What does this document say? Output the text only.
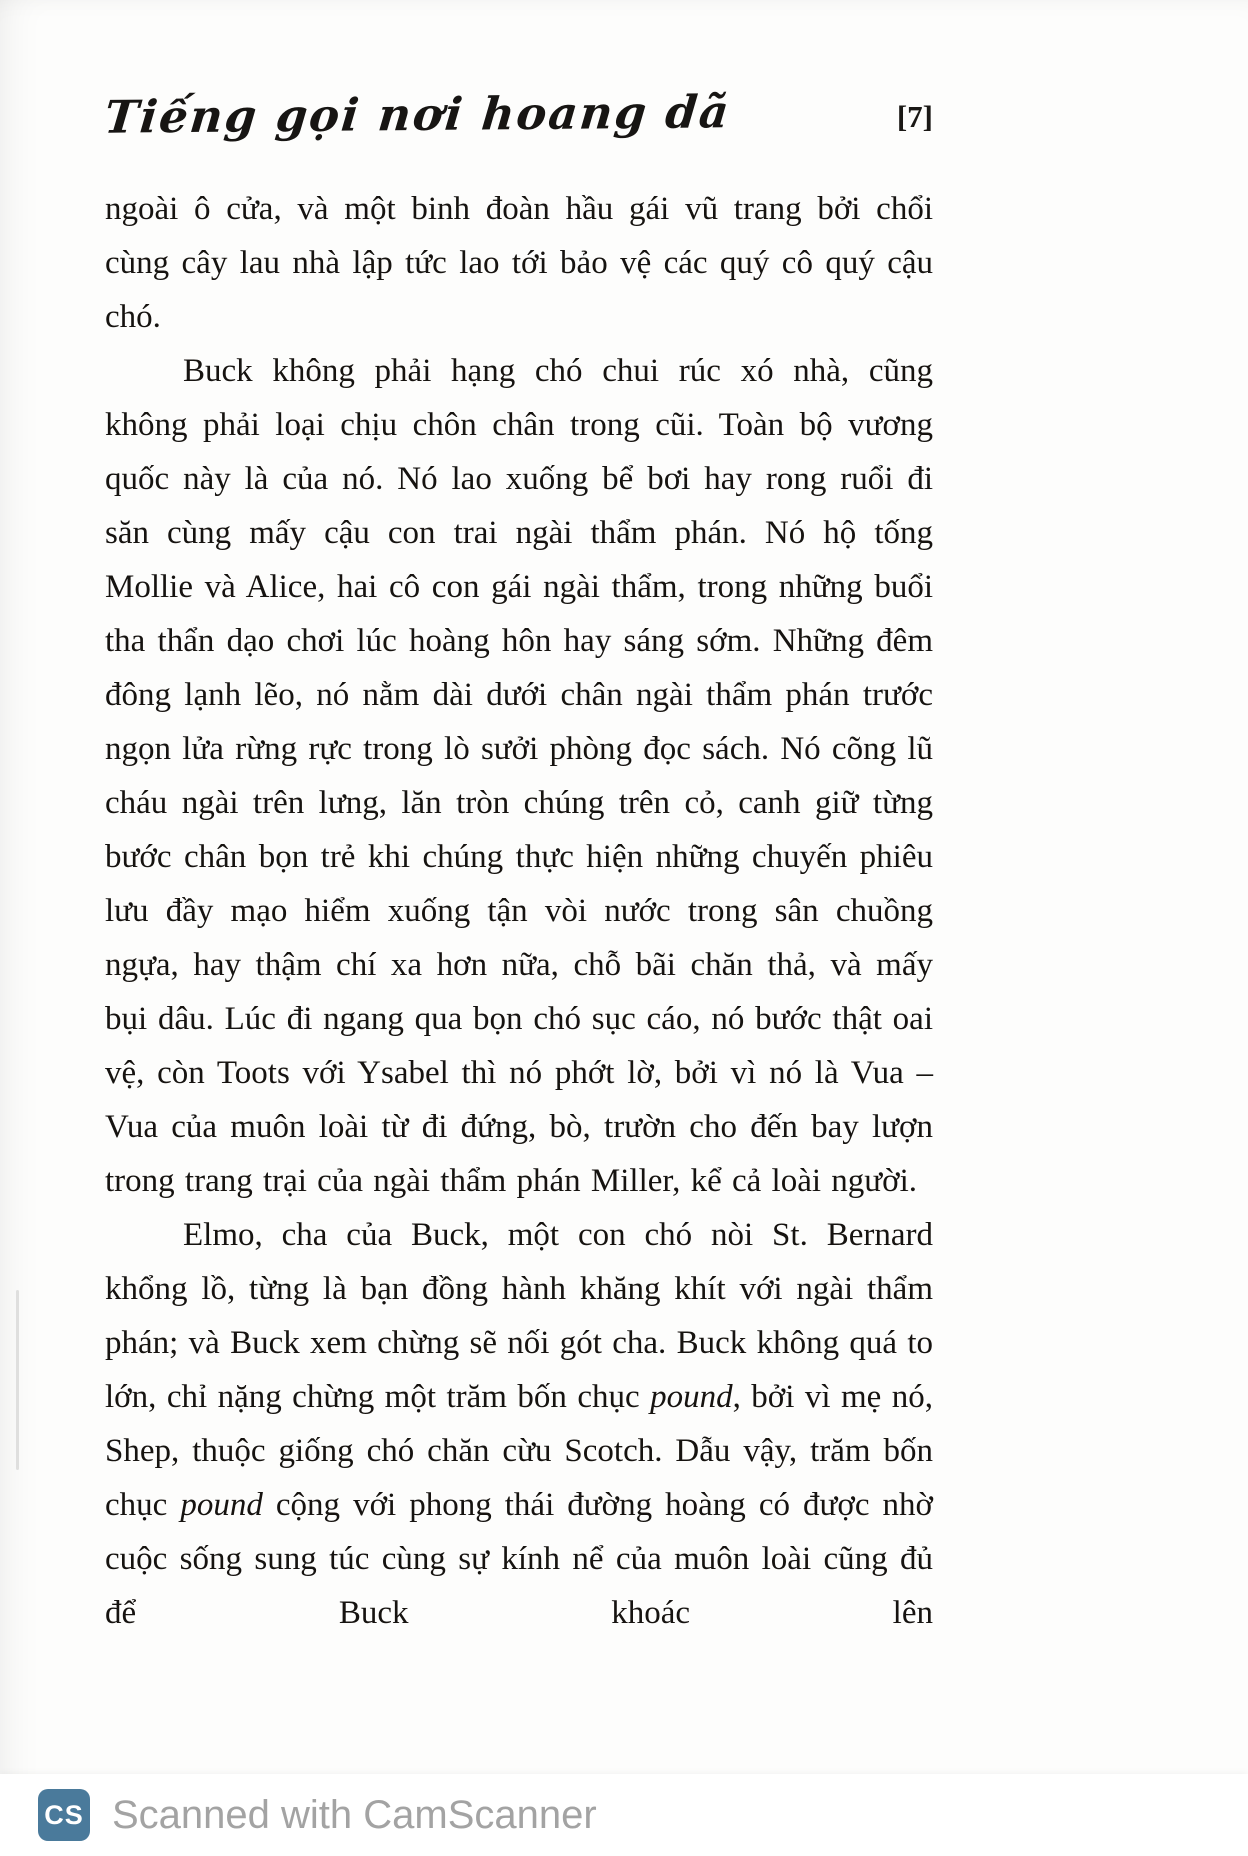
Tiếng gọi nơi hoang dã	[7]

ngoài ô cửa, và một binh đoàn hầu gái vũ trang bởi chổi cùng cây lau nhà lập tức lao tới bảo vệ các quý cô quý cậu chó.

Buck không phải hạng chó chui rúc xó nhà, cũng không phải loại chịu chôn chân trong cũi. Toàn bộ vương quốc này là của nó. Nó lao xuống bể bơi hay rong ruổi đi săn cùng mấy cậu con trai ngài thẩm phán. Nó hộ tống Mollie và Alice, hai cô con gái ngài thẩm, trong những buổi tha thẩn dạo chơi lúc hoàng hôn hay sáng sớm. Những đêm đông lạnh lẽo, nó nằm dài dưới chân ngài thẩm phán trước ngọn lửa rừng rực trong lò sưởi phòng đọc sách. Nó cõng lũ cháu ngài trên lưng, lăn tròn chúng trên cỏ, canh giữ từng bước chân bọn trẻ khi chúng thực hiện những chuyến phiêu lưu đầy mạo hiểm xuống tận vòi nước trong sân chuồng ngựa, hay thậm chí xa hơn nữa, chỗ bãi chăn thả, và mấy bụi dâu. Lúc đi ngang qua bọn chó sục cáo, nó bước thật oai vệ, còn Toots với Ysabel thì nó phớt lờ, bởi vì nó là Vua – Vua của muôn loài từ đi đứng, bò, trườn cho đến bay lượn trong trang trại của ngài thẩm phán Miller, kể cả loài người.

Elmo, cha của Buck, một con chó nòi St. Bernard khổng lồ, từng là bạn đồng hành khăng khít với ngài thẩm phán; và Buck xem chừng sẽ nối gót cha. Buck không quá to lớn, chỉ nặng chừng một trăm bốn chục pound, bởi vì mẹ nó, Shep, thuộc giống chó chăn cừu Scotch. Dẫu vậy, trăm bốn chục pound cộng với phong thái đường hoàng có được nhờ cuộc sống sung túc cùng sự kính nể của muôn loài cũng đủ để Buck khoác lên

CS Scanned with CamScanner
